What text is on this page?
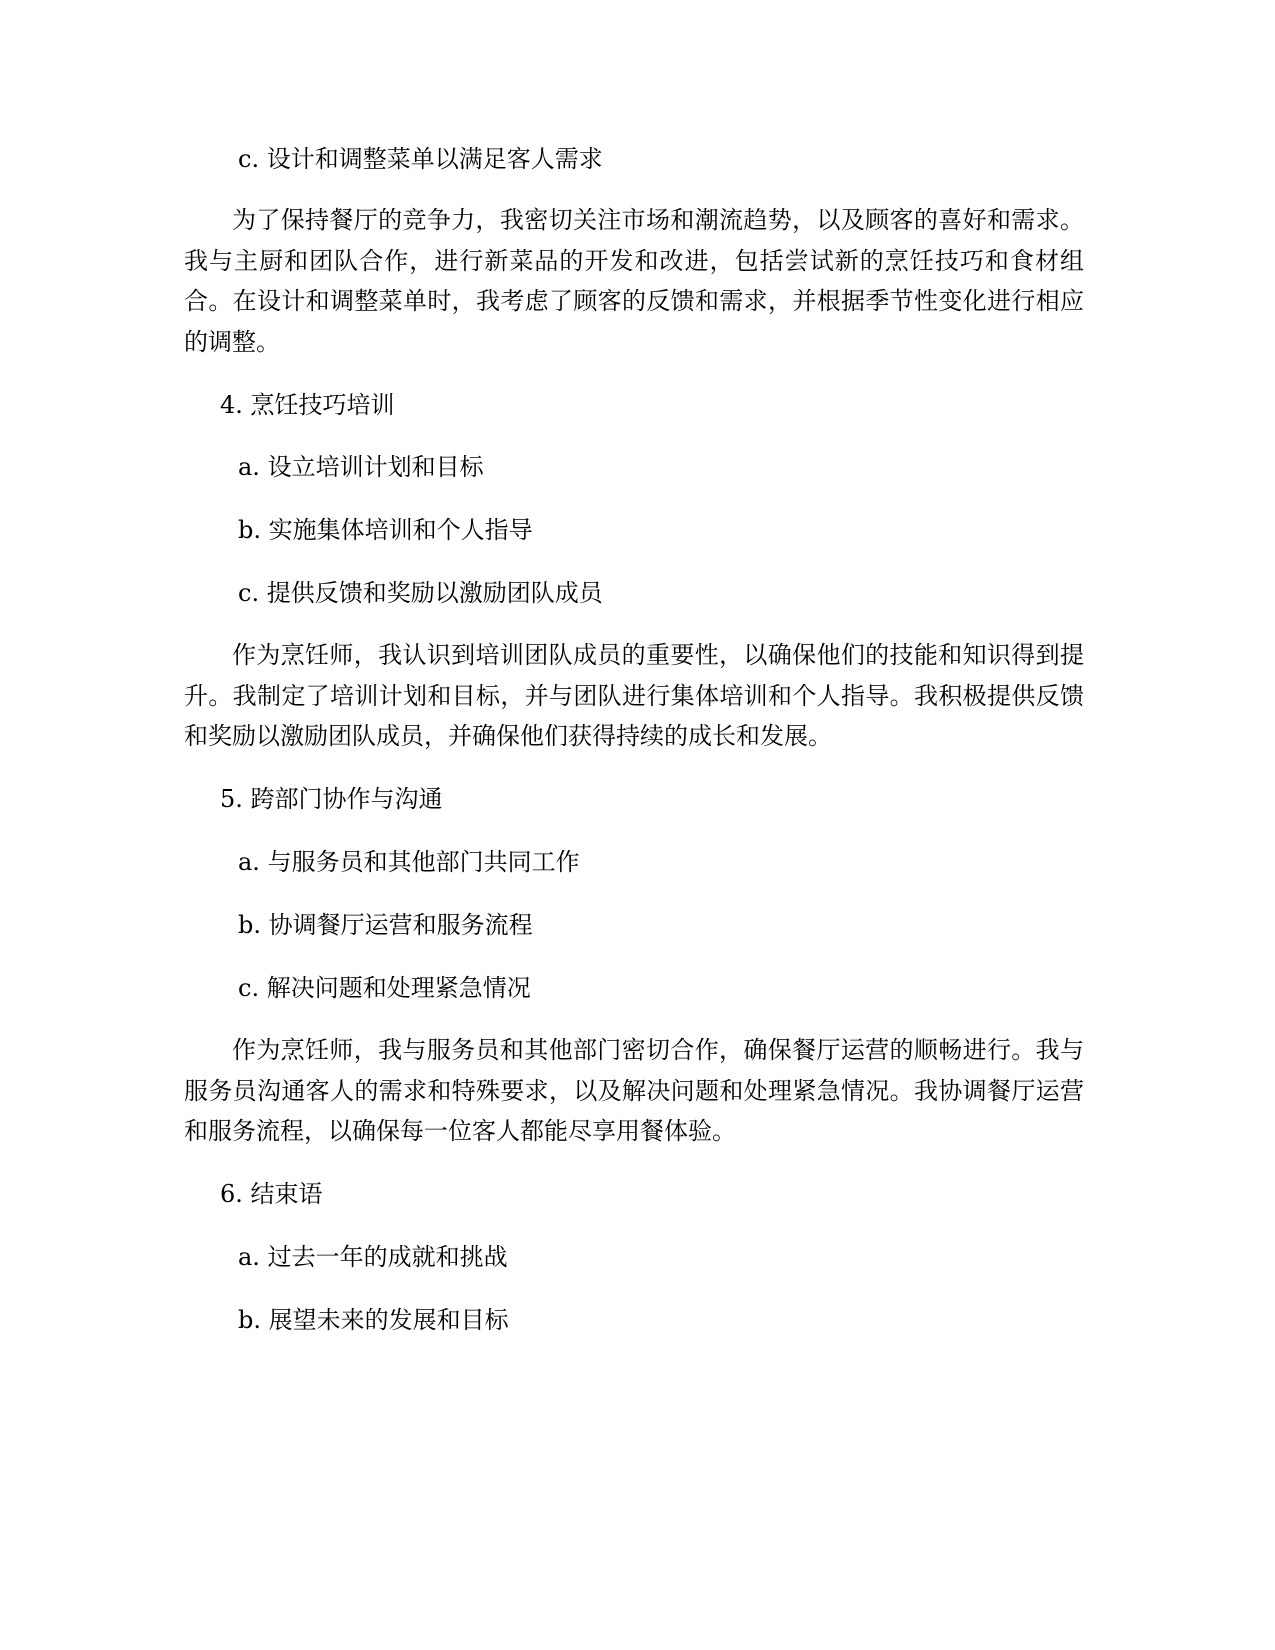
c. 设计和调整菜单以满足客人需求
为了保持餐厅的竞争力，我密切关注市场和潮流趋势，以及顾客的喜好和需求。我与主厨和团队合作，进行新菜品的开发和改进，包括尝试新的烹饪技巧和食材组合。在设计和调整菜单时，我考虑了顾客的反馈和需求，并根据季节性变化进行相应的调整。
4. 烹饪技巧培训
a. 设立培训计划和目标
b. 实施集体培训和个人指导
c. 提供反馈和奖励以激励团队成员
作为烹饪师，我认识到培训团队成员的重要性，以确保他们的技能和知识得到提升。我制定了培训计划和目标，并与团队进行集体培训和个人指导。我积极提供反馈和奖励以激励团队成员，并确保他们获得持续的成长和发展。
5. 跨部门协作与沟通
a. 与服务员和其他部门共同工作
b. 协调餐厅运营和服务流程
c. 解决问题和处理紧急情况
作为烹饪师，我与服务员和其他部门密切合作，确保餐厅运营的顺畅进行。我与服务员沟通客人的需求和特殊要求，以及解决问题和处理紧急情况。我协调餐厅运营和服务流程，以确保每一位客人都能尽享用餐体验。
6. 结束语
a. 过去一年的成就和挑战
b. 展望未来的发展和目标
